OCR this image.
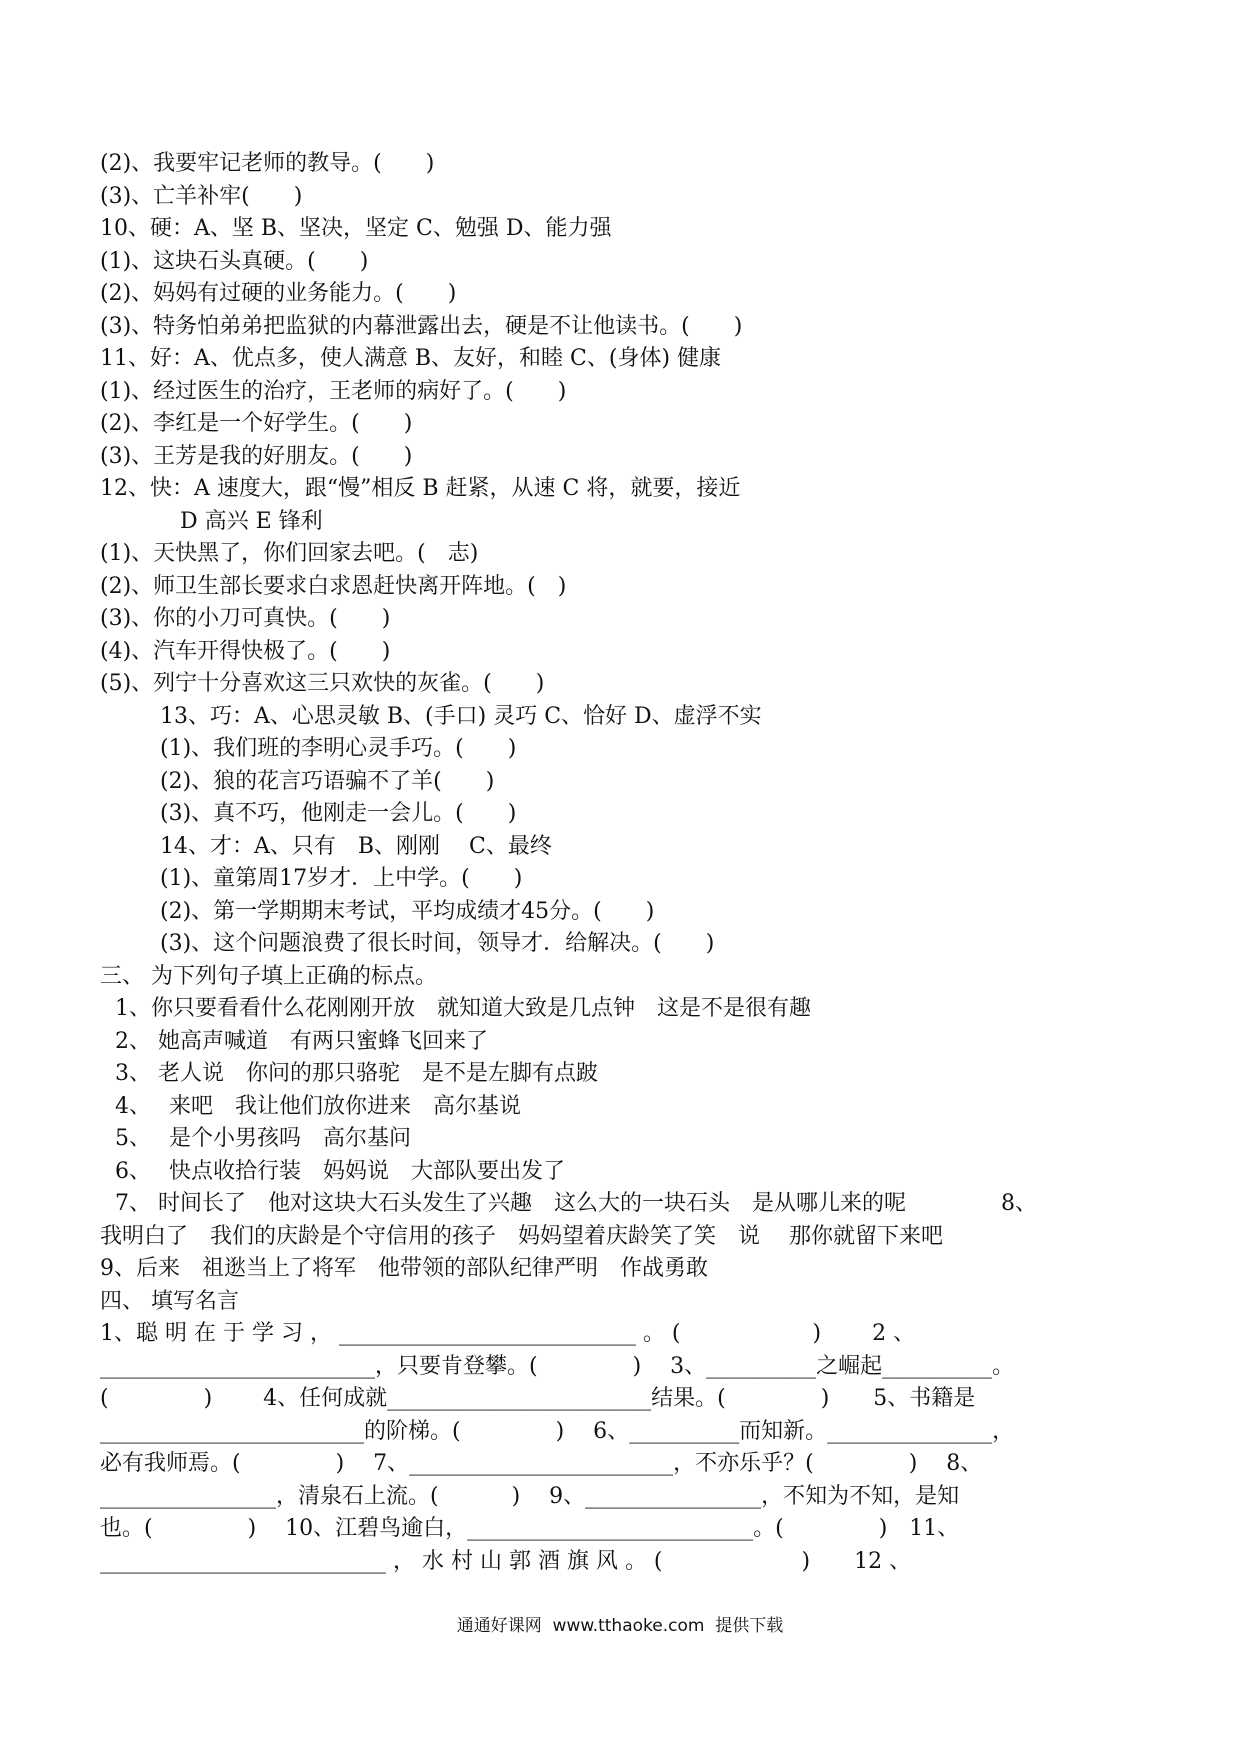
(2)、我要牢记老师的教导。(　　)
(3)、亡羊补牢(　　)
10、硬：A、坚 B、坚决，坚定 C、勉强 D、能力强
(1)、这块石头真硬。(　　)
(2)、妈妈有过硬的业务能力。(　　)
(3)、特务怕弟弟把监狱的内幕泄露出去，硬是不让他读书。(　　)
11、好：A、优点多，使人满意 B、友好，和睦 C、(身体) 健康
(1)、经过医生的治疗，王老师的病好了。(　　)
(2)、李红是一个好学生。(　　)
(3)、王芳是我的好朋友。(　　)
12、快：A 速度大，跟“慢”相反 B 赶紧，从速 C 将，就要，接近
D 高兴 E 锋利
(1)、天快黑了，你们回家去吧。(　志)
(2)、师卫生部长要求白求恩赶快离开阵地。(　)
(3)、你的小刀可真快。(　　)
(4)、汽车开得快极了。(　　)
(5)、列宁十分喜欢这三只欢快的灰雀。(　　)
13、巧：A、心思灵敏 B、(手口) 灵巧 C、恰好 D、虚浮不实
(1)、我们班的李明心灵手巧。(　　)
(2)、狼的花言巧语骗不了羊(　　)
(3)、真不巧，他刚走一会儿。(　　)
14、才：A、只有　B、刚刚　 C、最终
(1)、童第周17岁才．上中学。(　　)
(2)、第一学期期末考试，平均成绩才45分。(　　)
(3)、这个问题浪费了很长时间，领导才．给解决。(　　)
三、 为下列句子填上正确的标点。
1、你只要看看什么花刚刚开放　就知道大致是几点钟　这是不是很有趣
2、 她高声喊道　有两只蜜蜂飞回来了
3、 老人说　你问的那只骆驼　是不是左脚有点跛
4、　 来吧　我让他们放你进来　高尔基说
5、　 是个小男孩吗　高尔基问
6、　 快点收拾行装　妈妈说　大部队要出发了
7、 时间长了　他对这块大石头发生了兴趣　这么大的一块石头　是从哪儿来的呢　　　　 8、
我明白了　我们的庆龄是个守信用的孩子　妈妈望着庆龄笑了笑　说　 那你就留下来吧
9、后来　祖逖当上了将军　他带领的部队纪律严明　作战勇敢
四、 填写名言
1、聪 明 在 于 学 习 ， ___________________________ 。 (　　　　　　)　　 2 、
_________________________，只要肯登攀。(　　　　 )　 3、__________之崛起__________。
(　　　　 )　　 4、任何成就________________________结果。(　　　　 )　　5、书籍是
________________________的阶梯。(　　　　 )　 6、__________而知新。_______________，
必有我师焉。(　　　　 )　 7、________________________，不亦乐乎？(　　　　 )　 8、
________________，清泉石上流。(　　　 )　 9、________________，不知为不知，是知
也。(　　　　 )　 10、江碧鸟逾白，__________________________。(　　　　 )　11、
__________________________ ， 水 村 山 郭 酒 旗 风 。 (　　　　　　 )　　12 、
通通好课网  www.tthaoke.com  提供下载
